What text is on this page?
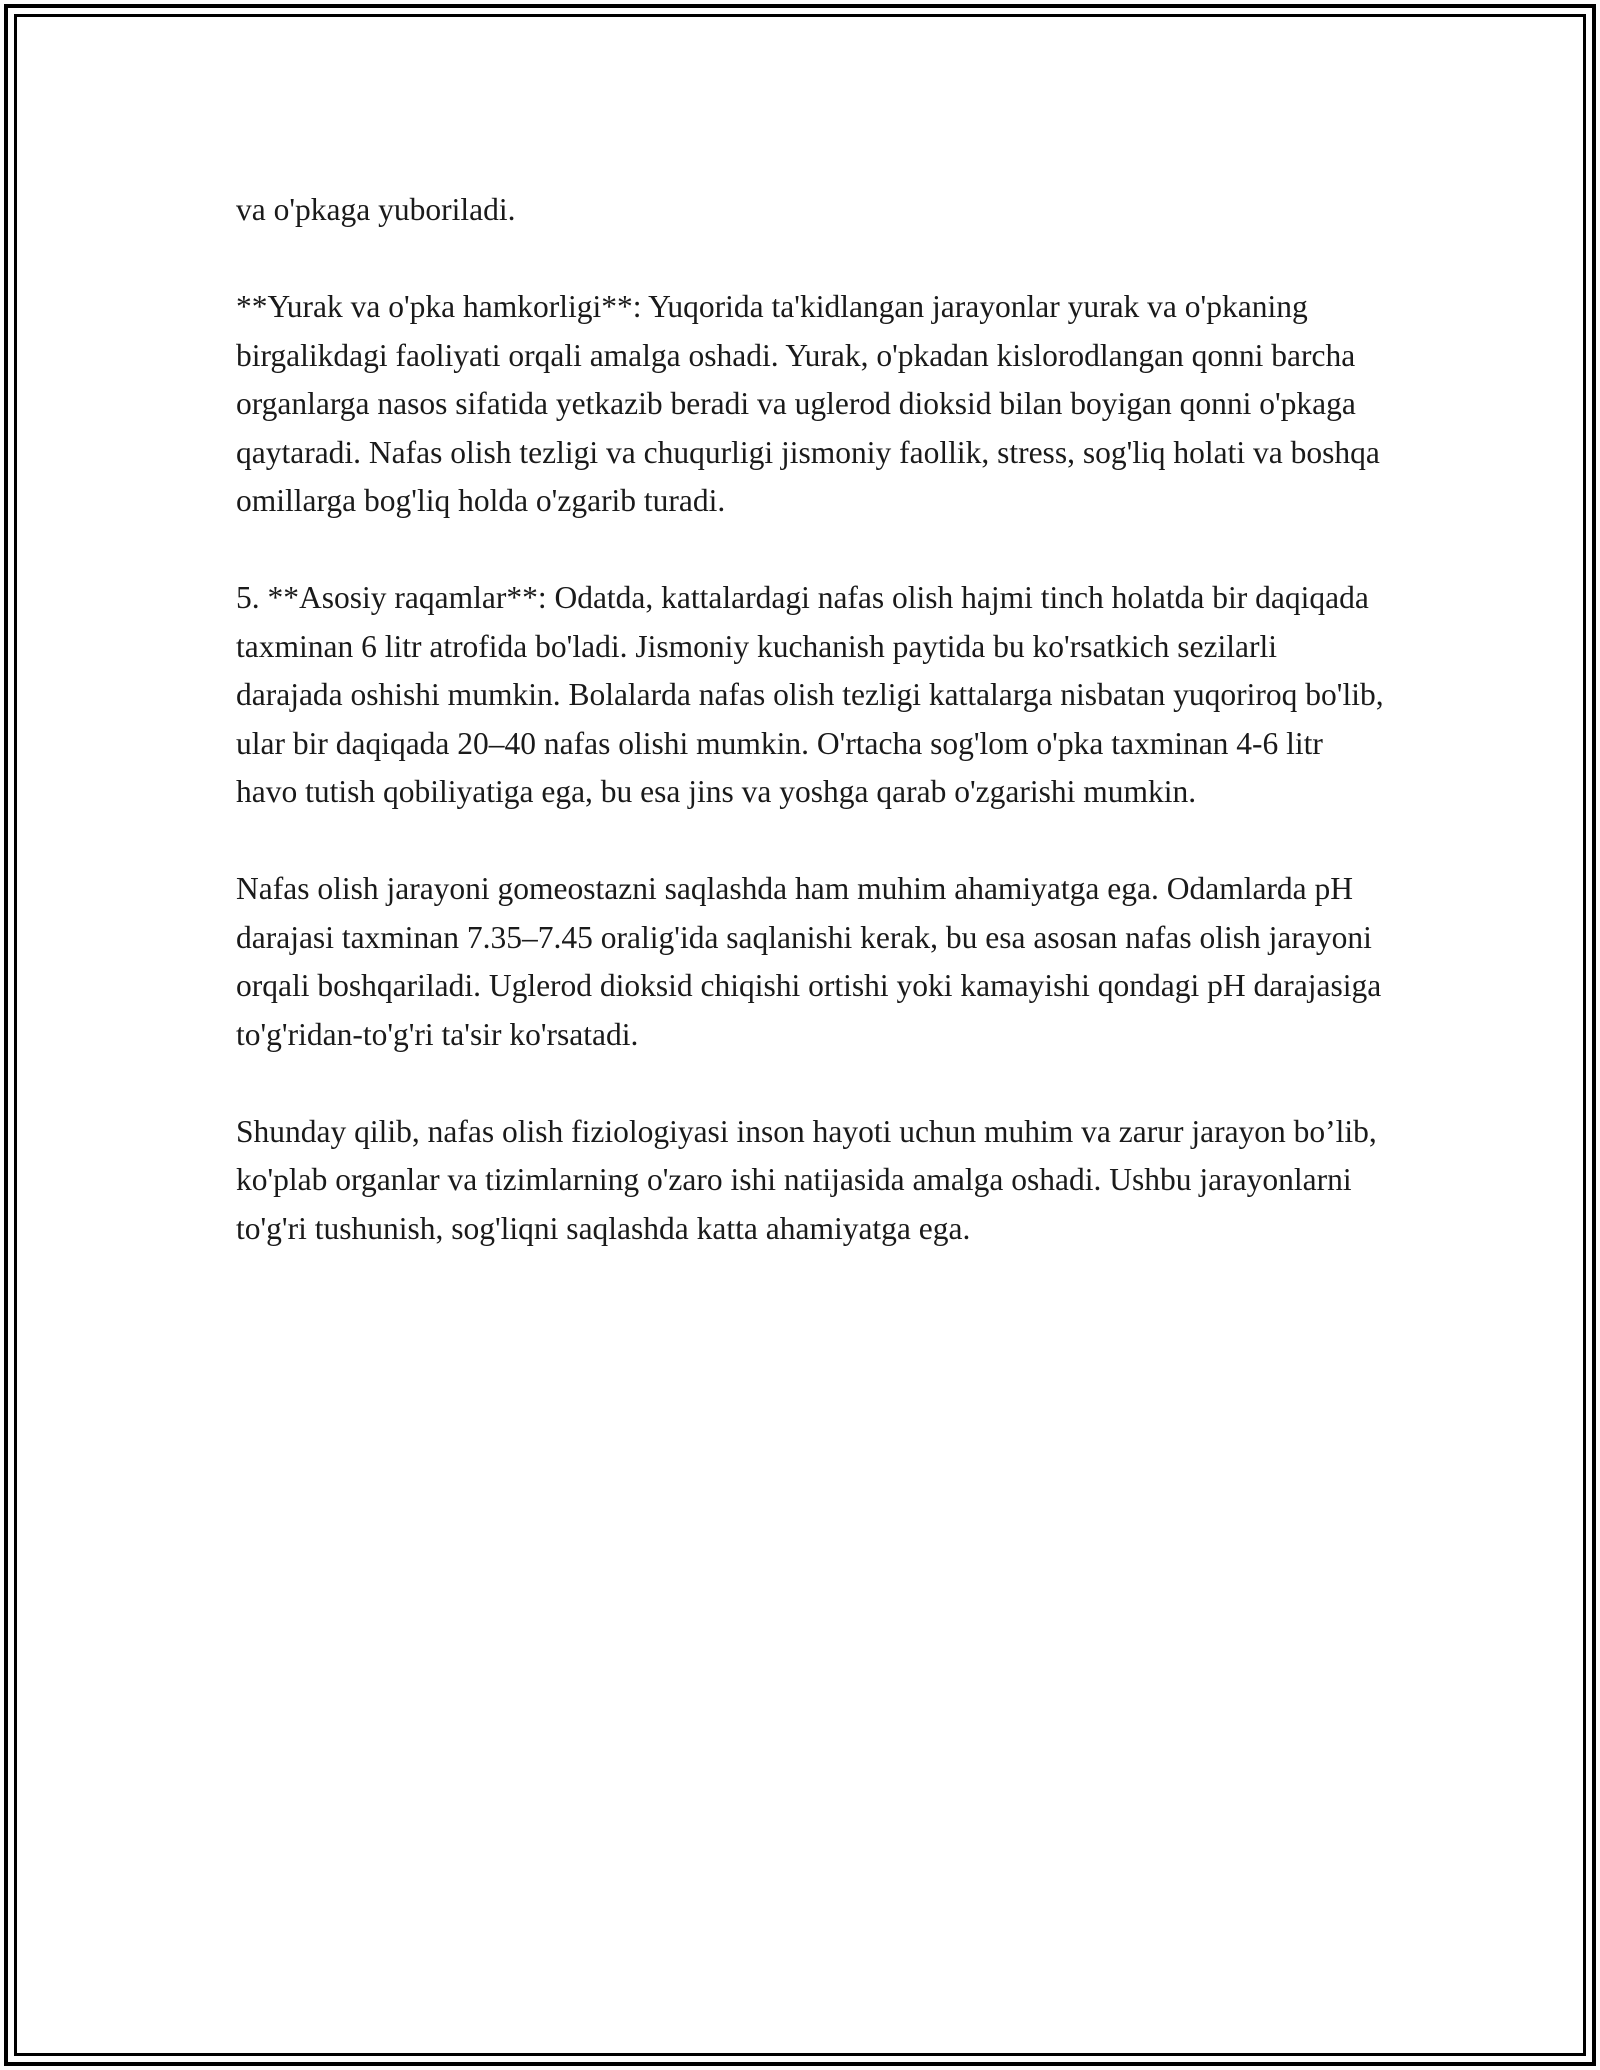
va o'pkaga yuboriladi.

**Yurak va o'pka hamkorligi**: Yuqorida ta'kidlangan jarayonlar yurak va o'pkaning birgalikdagi faoliyati orqali amalga oshadi. Yurak, o'pkadan kislorodlangan qonni barcha organlarga nasos sifatida yetkazib beradi va uglerod dioksid bilan boyigan qonni o'pkaga qaytaradi. Nafas olish tezligi va chuqurligi jismoniy faollik, stress, sog'liq holati va boshqa omillarga bog'liq holda o'zgarib turadi.

5. **Asosiy raqamlar**: Odatda, kattalardagi nafas olish hajmi tinch holatda bir daqiqada taxminan 6 litr atrofida bo'ladi. Jismoniy kuchanish paytida bu ko'rsatkich sezilarli darajada oshishi mumkin. Bolalarda nafas olish tezligi kattalarga nisbatan yuqoriroq bo'lib, ular bir daqiqada 20–40 nafas olishi mumkin. O'rtacha sog'lom o'pka taxminan 4-6 litr havo tutish qobiliyatiga ega, bu esa jins va yoshga qarab o'zgarishi mumkin.

Nafas olish jarayoni gomeostazni saqlashda ham muhim ahamiyatga ega. Odamlarda pH darajasi taxminan 7.35–7.45 oralig'ida saqlanishi kerak, bu esa asosan nafas olish jarayoni orqali boshqariladi. Uglerod dioksid chiqishi ortishi yoki kamayishi qondagi pH darajasiga to'g'ridan-to'g'ri ta'sir ko'rsatadi.

Shunday qilib, nafas olish fiziologiyasi inson hayoti uchun muhim va zarur jarayon bo’lib, ko'plab organlar va tizimlarning o'zaro ishi natijasida amalga oshadi. Ushbu jarayonlarni to'g'ri tushunish, sog'liqni saqlashda katta ahamiyatga ega.
